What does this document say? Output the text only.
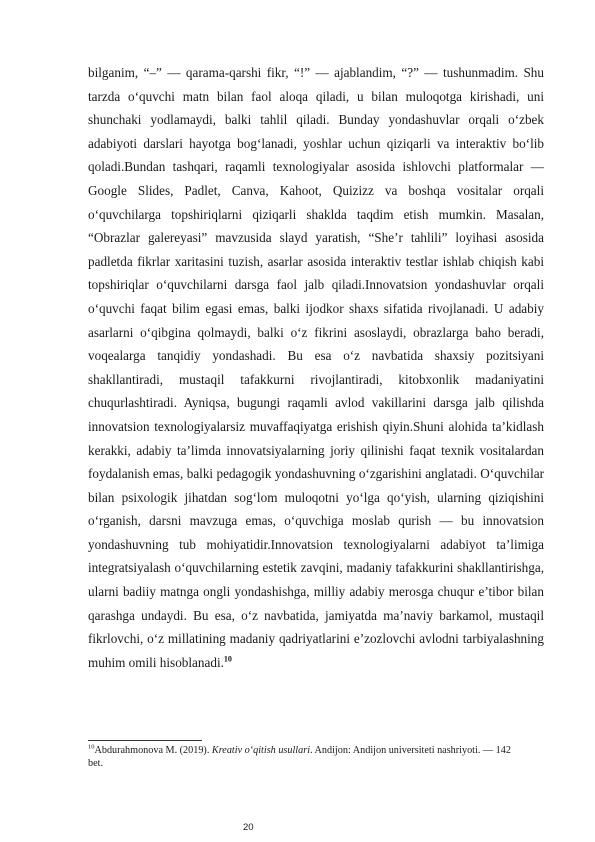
bilganim, “–” — qarama-qarshi fikr, “!” — ajablandim, “?” — tushunmadim. Shu tarzda o‘quvchi matn bilan faol aloqa qiladi, u bilan muloqotga kirishadi, uni shunchaki yodlamaydi, balki tahlil qiladi. Bunday yondashuvlar orqali o‘zbek adabiyoti darslari hayotga bog‘lanadi, yoshlar uchun qiziqarli va interaktiv bo‘lib qoladi.Bundan tashqari, raqamli texnologiyalar asosida ishlovchi platformalar — Google Slides, Padlet, Canva, Kahoot, Quizizz va boshqa vositalar orqali o‘quvchilarga topshiriqlarni qiziqarli shaklda taqdim etish mumkin. Masalan, “Obrazlar galereyasi” mavzusida slayd yaratish, “She’r tahlili” loyihasi asosida padletda fikrlar xaritasini tuzish, asarlar asosida interaktiv testlar ishlab chiqish kabi topshiriqlar o‘quvchilarni darsga faol jalb qiladi.Innovatsion yondashuvlar orqali o‘quvchi faqat bilim egasi emas, balki ijodkor shaxs sifatida rivojlanadi. U adabiy asarlarni o‘qibgina qolmaydi, balki o‘z fikrini asoslaydi, obrazlarga baho beradi, voqealarga tanqidiy yondashadi. Bu esa o‘z navbatida shaxsiy pozitsiyani shakllantiradi, mustaqil tafakkurni rivojlantiradi, kitobxonlik madaniyatini chuqurlashtiradi. Ayniqsa, bugungi raqamli avlod vakillarini darsga jalb qilishda innovatsion texnologiyalarsiz muvaffaqiyatga erishish qiyin.Shuni alohida ta’kidlash kerakki, adabiy ta’limda innovatsiyalarning joriy qilinishi faqat texnik vositalardan foydalanish emas, balki pedagogik yondashuvning o‘zgarishini anglatadi. O‘quvchilar bilan psixologik jihatdan sog‘lom muloqotni yo‘lga qo‘yish, ularning qiziqishini o‘rganish, darsni mavzuga emas, o‘quvchiga moslab qurish — bu innovatsion yondashuvning tub mohiyatidir.Innovatsion texnologiyalarni adabiyot ta’limiga integratsiyalash o‘quvchilarning estetik zavqini, madaniy tafakkurini shakllantirishga, ularni badiiy matnga ongli yondashishga, milliy adabiy merosga chuqur e’tibor bilan qarashga undaydi. Bu esa, o‘z navbatida, jamiyatda ma’naviy barkamol, mustaqil fikrlovchi, o‘z millatining madaniy qadriyatlarini e’zozlovchi avlodni tarbiyalashning muhim omili hisoblanadi.$^{10}$

$^{10}$Abdurahmonova M. (2019). Kreativ o‘qitish usullari. Andijon: Andijon universiteti nashriyoti. — 142 bet.

20
